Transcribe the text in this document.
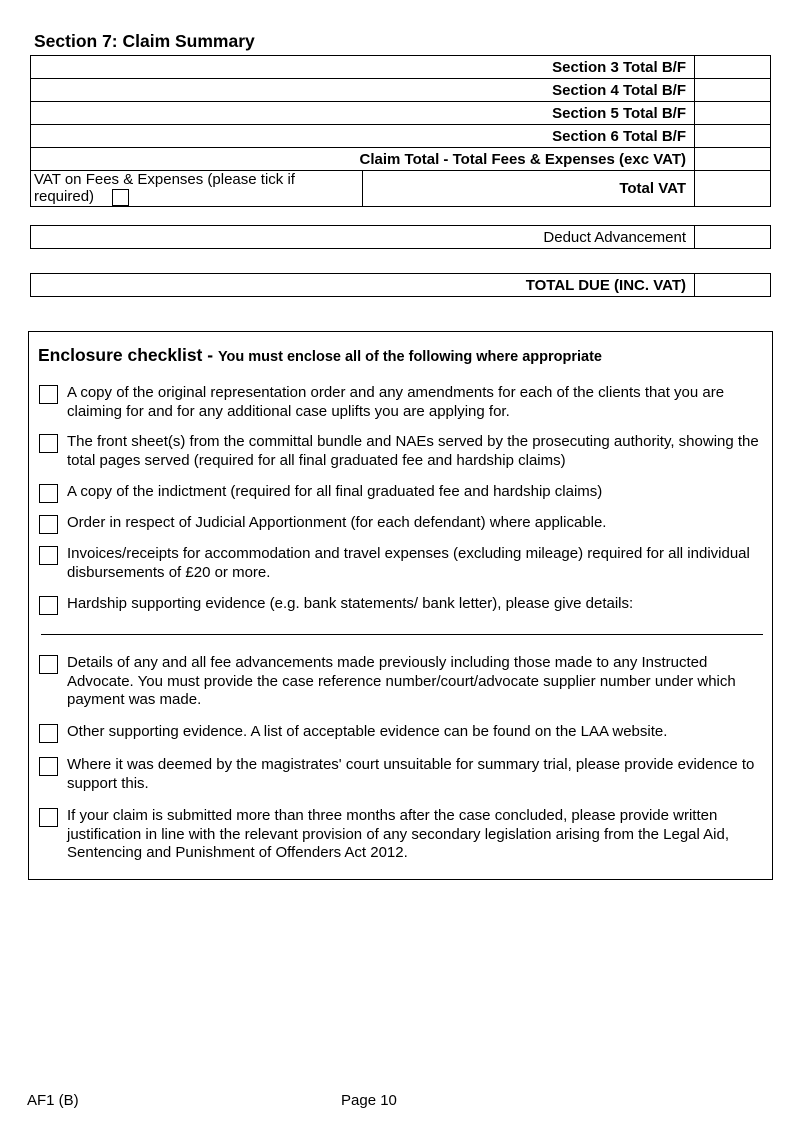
Section 7: Claim Summary
Section 3 Total B/F		
Section 4 Total B/F		
Section 5 Total B/F		
Section 6 Total B/F		
Claim Total - Total Fees & Expenses (exc VAT)		
VAT on Fees & Expenses (please tick if required)	Total VAT	
Deduct Advancement	
TOTAL DUE (INC. VAT)	
Enclosure checklist - You must enclose all of the following where appropriate
A copy of the original representation order and any amendments for each of the clients that you are claiming for and for any additional case uplifts you are applying for.
The front sheet(s) from the committal bundle and NAEs served by the prosecuting authority, showing the total pages served (required for all final graduated fee and hardship claims)
A copy of the indictment (required for all final graduated fee and hardship claims)
Order in respect of Judicial Apportionment (for each defendant) where applicable.
Invoices/receipts for accommodation and travel expenses (excluding mileage) required for all individual disbursements of £20 or more.
Hardship supporting evidence (e.g. bank statements/ bank letter), please give details:
Details of any and all fee advancements made previously including those made to any Instructed Advocate. You must provide the case reference number/court/advocate supplier number under which payment was made.
Other supporting evidence. A list of acceptable evidence can be found on the LAA website.
Where it was deemed by the magistrates' court unsuitable for summary trial, please provide evidence to support this.
If your claim is submitted more than three months after the case concluded, please provide written justification in line with the relevant provision of any secondary legislation arising from the Legal Aid, Sentencing and Punishment of Offenders Act 2012.
AF1 (B)	Page 10
